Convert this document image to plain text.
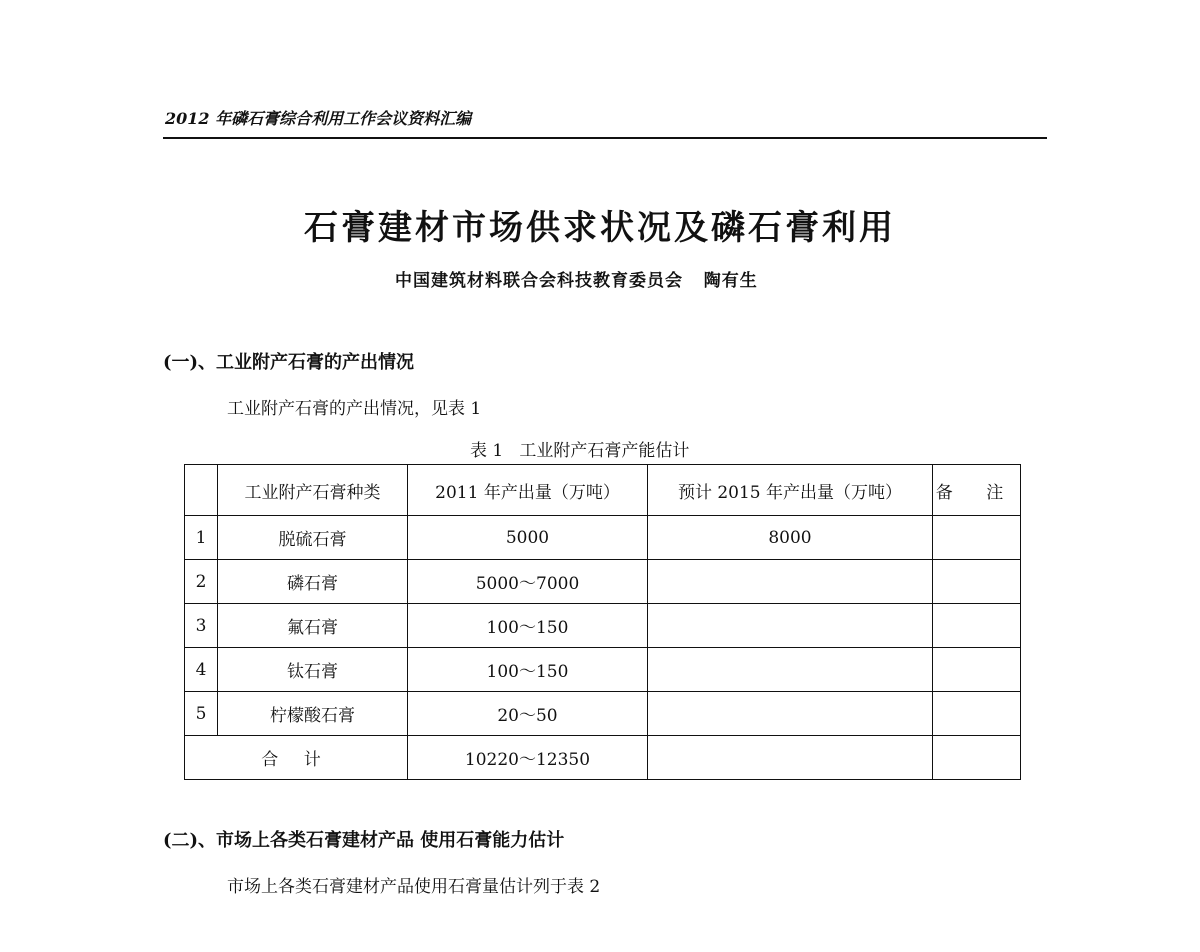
2012 年磷石膏综合利用工作会议资料汇编
石膏建材市场供求状况及磷石膏利用
中国建筑材料联合会科技教育委员会   陶有生
(一)、工业附产石膏的产出情况
工业附产石膏的产出情况，见表 1
表 1   工业附产石膏产能估计
	工业附产石膏种类	2011 年产出量（万吨）	预计 2015 年产出量（万吨）	备 注
1	脱硫石膏	5000	8000	
2	磷石膏	5000～7000		
3	氟石膏	100～150		
4	钛石膏	100～150		
5	柠檬酸石膏	20～50		
合 计		10220～12350		
(二)、市场上各类石膏建材产品 使用石膏能力估计
市场上各类石膏建材产品使用石膏量估计列于表 2
